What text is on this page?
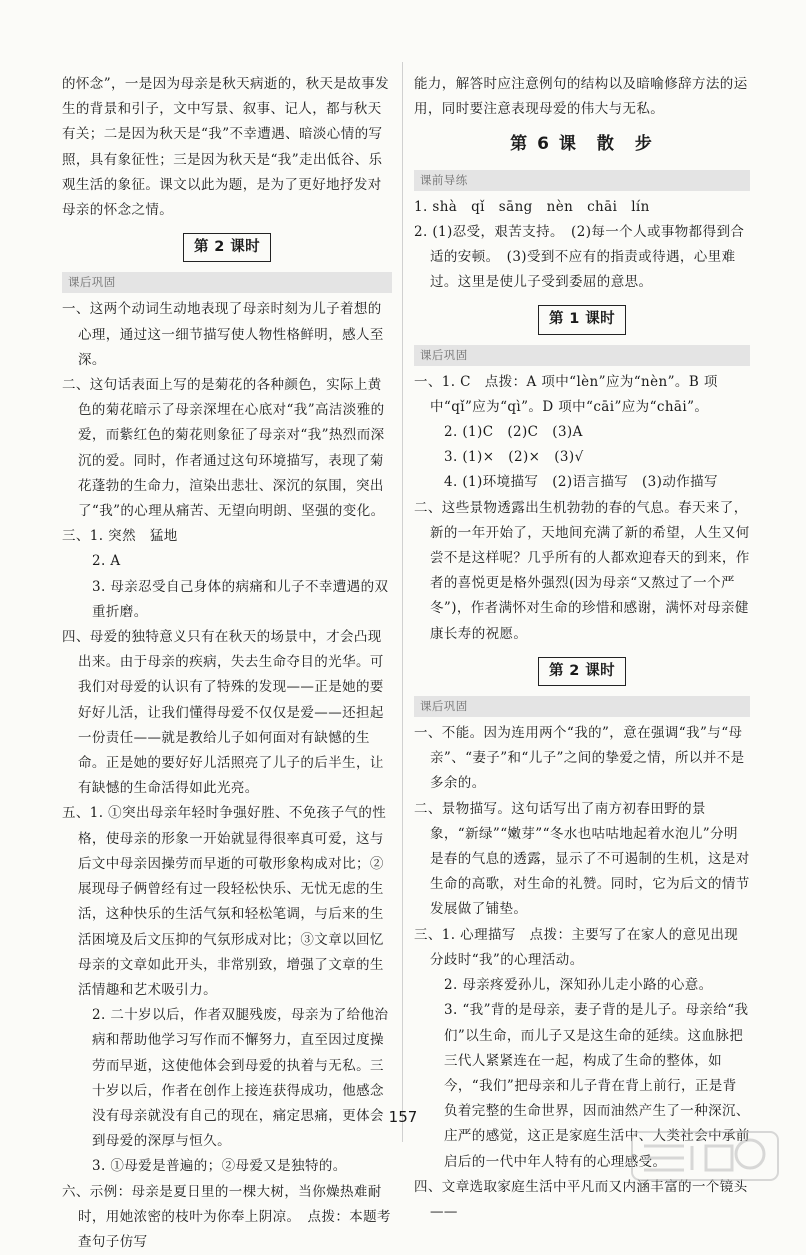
的怀念”，一是因为母亲是秋天病逝的，秋天是故事发生的背景和引子，文中写景、叙事、记人，都与秋天有关；二是因为秋天是“我”不幸遭遇、暗淡心情的写照，具有象征性；三是因为秋天是“我”走出低谷、乐观生活的象征。课文以此为题，是为了更好地抒发对母亲的怀念之情。

第 2 课时
课后巩固

一、这两个动词生动地表现了母亲时刻为儿子着想的心理，通过这一细节描写使人物性格鲜明，感人至深。

二、这句话表面上写的是菊花的各种颜色，实际上黄色的菊花暗示了母亲深埋在心底对“我”高洁淡雅的爱，而紫红色的菊花则象征了母亲对“我”热烈而深沉的爱。同时，作者通过这句环境描写，表现了菊花蓬勃的生命力，渲染出悲壮、深沉的氛围，突出了“我”的心理从痛苦、无望向明朗、坚强的变化。

三、1. 突然　猛地

2. A

3. 母亲忍受自己身体的病痛和儿子不幸遭遇的双重折磨。

四、母爱的独特意义只有在秋天的场景中，才会凸现出来。由于母亲的疾病，失去生命夺目的光华。可我们对母爱的认识有了特殊的发现——正是她的要好好儿活，让我们懂得母爱不仅仅是爱——还担起一份责任——就是教给儿子如何面对有缺憾的生命。正是她的要好好儿活照亮了儿子的后半生，让有缺憾的生命活得如此光亮。

五、1. ①突出母亲年轻时争强好胜、不免孩子气的性格，使母亲的形象一开始就显得很率真可爱，这与后文中母亲因操劳而早逝的可敬形象构成对比；②展现母子俩曾经有过一段轻松快乐、无忧无虑的生活，这种快乐的生活气氛和轻松笔调，与后来的生活困境及后文压抑的气氛形成对比；③文章以回忆母亲的文章如此开头，非常别致，增强了文章的生活情趣和艺术吸引力。

2. 二十岁以后，作者双腿残废，母亲为了给他治病和帮助他学习写作而不懈努力，直至因过度操劳而早逝，这使他体会到母爱的执着与无私。三十岁以后，作者在创作上接连获得成功，他感念没有母亲就没有自己的现在，痛定思痛，更体会到母爱的深厚与恒久。

3. ①母爱是普遍的；②母爱又是独特的。

六、示例：母亲是夏日里的一棵大树，当你燥热难耐时，用她浓密的枝叶为你奉上阴凉。　点拨：本题考查句子仿写

能力，解答时应注意例句的结构以及暗喻修辞方法的运用，同时要注意表现母爱的伟大与无私。

第 6 课　散　步
课前导练

1. shà　qǐ　sāng　nèn　chāi　lín

2. (1)忍受，艰苦支持。　(2)每一个人或事物都得到合适的安顿。　(3)受到不应有的指责或待遇，心里难过。这里是使儿子受到委屈的意思。

第 1 课时
课后巩固

一、1. C　点拨：A 项中“lèn”应为“nèn”。B 项中“qǐ”应为“qì”。D 项中“cāi”应为“chāi”。

2. (1)C　(2)C　(3)A

3. (1)×　(2)×　(3)√

4. (1)环境描写　(2)语言描写　(3)动作描写

二、这些景物透露出生机勃勃的春的气息。春天来了，新的一年开始了，天地间充满了新的希望，人生又何尝不是这样呢？几乎所有的人都欢迎春天的到来，作者的喜悦更是格外强烈(因为母亲“又熬过了一个严冬”)，作者满怀对生命的珍惜和感谢，满怀对母亲健康长寿的祝愿。

第 2 课时
课后巩固

一、不能。因为连用两个“我的”，意在强调“我”与“母亲”、“妻子”和“儿子”之间的挚爱之情，所以并不是多余的。

二、景物描写。这句话写出了南方初春田野的景象，“新绿”“嫩芽”“冬水也咕咕地起着水泡儿”分明是春的气息的透露，显示了不可遏制的生机，这是对生命的高歌，对生命的礼赞。同时，它为后文的情节发展做了铺垫。

三、1. 心理描写　点拨：主要写了在家人的意见出现分歧时“我”的心理活动。

2. 母亲疼爱孙儿，深知孙儿走小路的心意。

3. “我”背的是母亲，妻子背的是儿子。母亲给“我们”以生命，而儿子又是这生命的延续。这血脉把三代人紧紧连在一起，构成了生命的整体，如今，“我们”把母亲和儿子背在背上前行，正是背负着完整的生命世界，因而油然产生了一种深沉、庄严的感觉，这正是家庭生活中、人类社会中承前启后的一代中年人特有的心理感受。

四、文章选取家庭生活中平凡而又内涵丰富的一个镜头——

157
